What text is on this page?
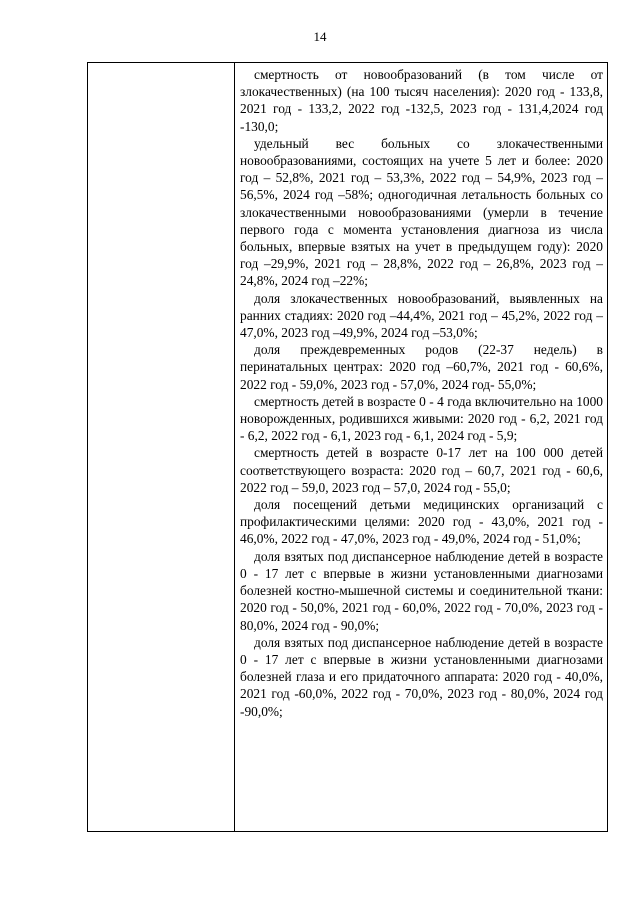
14

смертность от новообразований (в том числе от злокачественных) (на 100 тысяч населения): 2020 год - 133,8, 2021 год - 133,2, 2022 год -132,5, 2023 год - 131,4,2024 год -130,0;

удельный вес больных со злокачественными новообразованиями, состоящих на учете 5 лет и более: 2020 год – 52,8%, 2021 год – 53,3%, 2022 год – 54,9%, 2023 год –56,5%, 2024 год –58%; одногодичная летальность больных со злокачественными новообразованиями (умерли в течение первого года с момента установления диагноза из числа больных, впервые взятых на учет в предыдущем году): 2020 год –29,9%, 2021 год – 28,8%, 2022 год – 26,8%, 2023 год – 24,8%, 2024 год –22%;

доля злокачественных новообразований, выявленных на ранних стадиях: 2020 год –44,4%, 2021 год – 45,2%, 2022 год – 47,0%, 2023 год –49,9%, 2024 год –53,0%;

доля преждевременных родов (22-37 недель) в перинатальных центрах: 2020 год –60,7%, 2021 год - 60,6%, 2022 год - 59,0%, 2023 год - 57,0%, 2024 год- 55,0%;

смертность детей в возрасте 0 - 4 года включительно на 1000 новорожденных, родившихся живыми: 2020 год - 6,2, 2021 год - 6,2, 2022 год - 6,1, 2023 год - 6,1, 2024 год - 5,9;

смертность детей в возрасте 0-17 лет на 100 000 детей соответствующего возраста: 2020 год – 60,7, 2021 год - 60,6, 2022 год – 59,0, 2023 год – 57,0, 2024 год - 55,0;

доля посещений детьми медицинских организаций с профилактическими целями: 2020 год - 43,0%, 2021 год - 46,0%, 2022 год - 47,0%, 2023 год - 49,0%, 2024 год - 51,0%;

доля взятых под диспансерное наблюдение детей в возрасте 0 - 17 лет с впервые в жизни установленными диагнозами болезней костно-мышечной системы и соединительной ткани: 2020 год - 50,0%, 2021 год - 60,0%, 2022 год - 70,0%, 2023 год - 80,0%, 2024 год - 90,0%;

доля взятых под диспансерное наблюдение детей в возрасте 0 - 17 лет с впервые в жизни установленными диагнозами болезней глаза и его придаточного аппарата: 2020 год - 40,0%, 2021 год -60,0%, 2022 год - 70,0%, 2023 год - 80,0%, 2024 год -90,0%;
